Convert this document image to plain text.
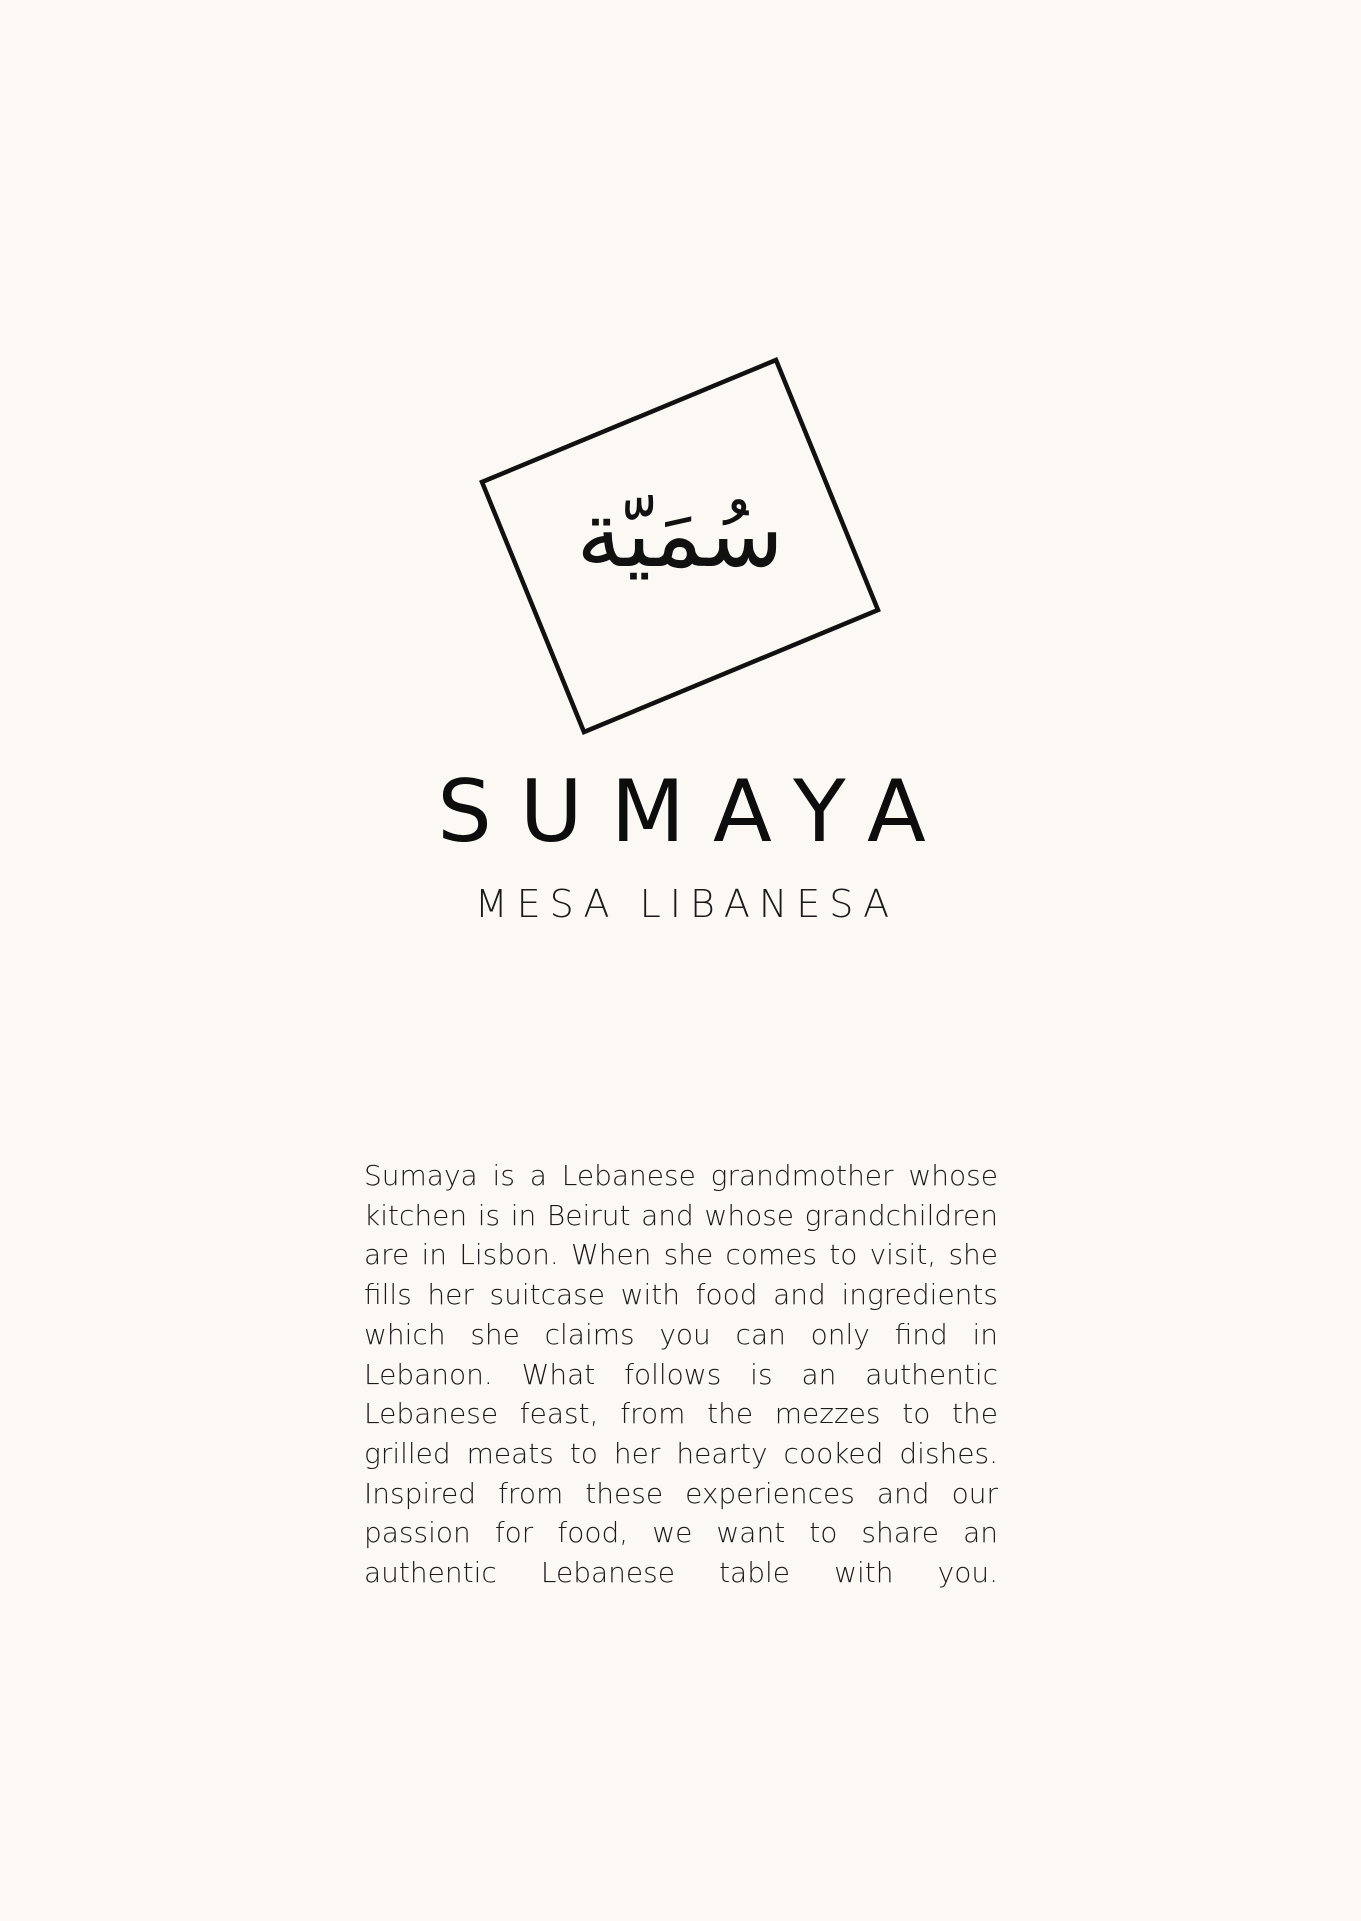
سُمَيّة
SUMAYA
MESA LIBANESA

Sumaya is a Lebanese grandmother whose kitchen is in Beirut and whose grandchildren are in Lisbon. When she comes to visit, she fills her suitcase with food and ingredients which she claims you can only find in Lebanon. What follows is an authentic Lebanese feast, from the mezzes to the grilled meats to her hearty cooked dishes. Inspired from these experiences and our passion for food, we want to share an authentic Lebanese table with you.
